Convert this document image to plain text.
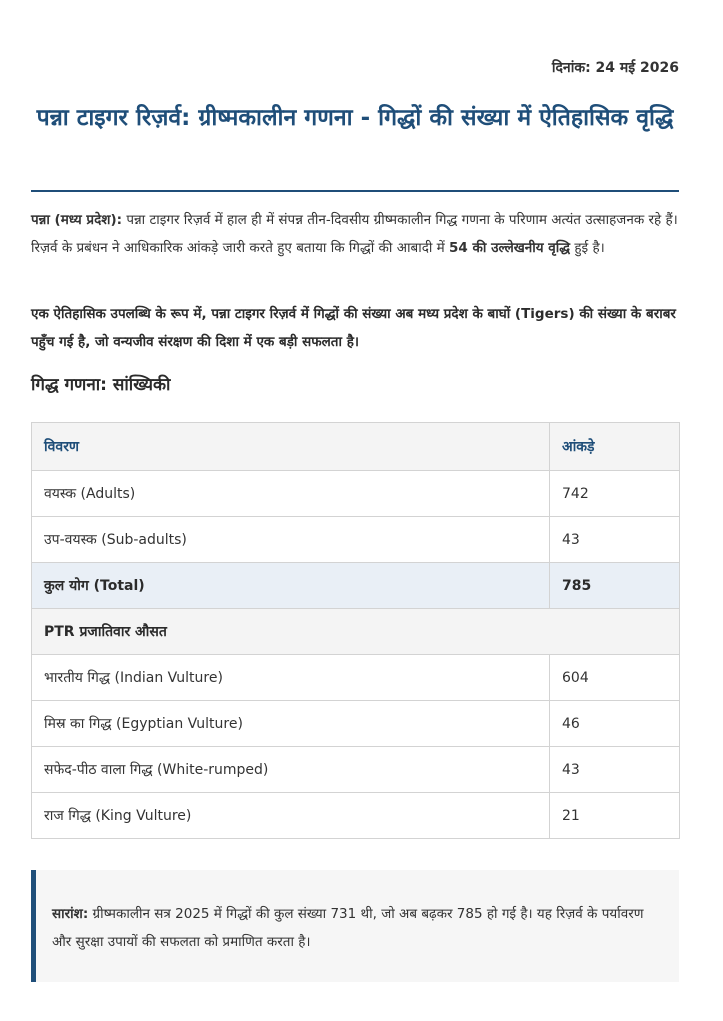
दिनांक: 24 मई 2026
पन्ना टाइगर रिज़र्व: ग्रीष्मकालीन गणना - गिद्धों की संख्या में ऐतिहासिक वृद्धि

पन्ना (मध्य प्रदेश): पन्ना टाइगर रिज़र्व में हाल ही में संपन्न तीन-दिवसीय ग्रीष्मकालीन गिद्ध गणना के परिणाम अत्यंत उत्साहजनक रहे हैं। रिज़र्व के प्रबंधन ने आधिकारिक आंकड़े जारी करते हुए बताया कि गिद्धों की आबादी में 54 की उल्लेखनीय वृद्धि हुई है।

एक ऐतिहासिक उपलब्धि के रूप में, पन्ना टाइगर रिज़र्व में गिद्धों की संख्या अब मध्य प्रदेश के बाघों (Tigers) की संख्या के बराबर पहुँच गई है, जो वन्यजीव संरक्षण की दिशा में एक बड़ी सफलता है।

गिद्ध गणना: सांख्यिकी
विवरण	आंकड़े
वयस्क (Adults)	742
उप-वयस्क (Sub-adults)	43
कुल योग (Total)	785
PTR प्रजातिवार औसत	
भारतीय गिद्ध (Indian Vulture)	604
मिस्र का गिद्ध (Egyptian Vulture)	46
सफेद-पीठ वाला गिद्ध (White-rumped)	43
राज गिद्ध (King Vulture)	21
सारांश: ग्रीष्मकालीन सत्र 2025 में गिद्धों की कुल संख्या 731 थी, जो अब बढ़कर 785 हो गई है। यह रिज़र्व के पर्यावरण और सुरक्षा उपायों की सफलता को प्रमाणित करता है।
